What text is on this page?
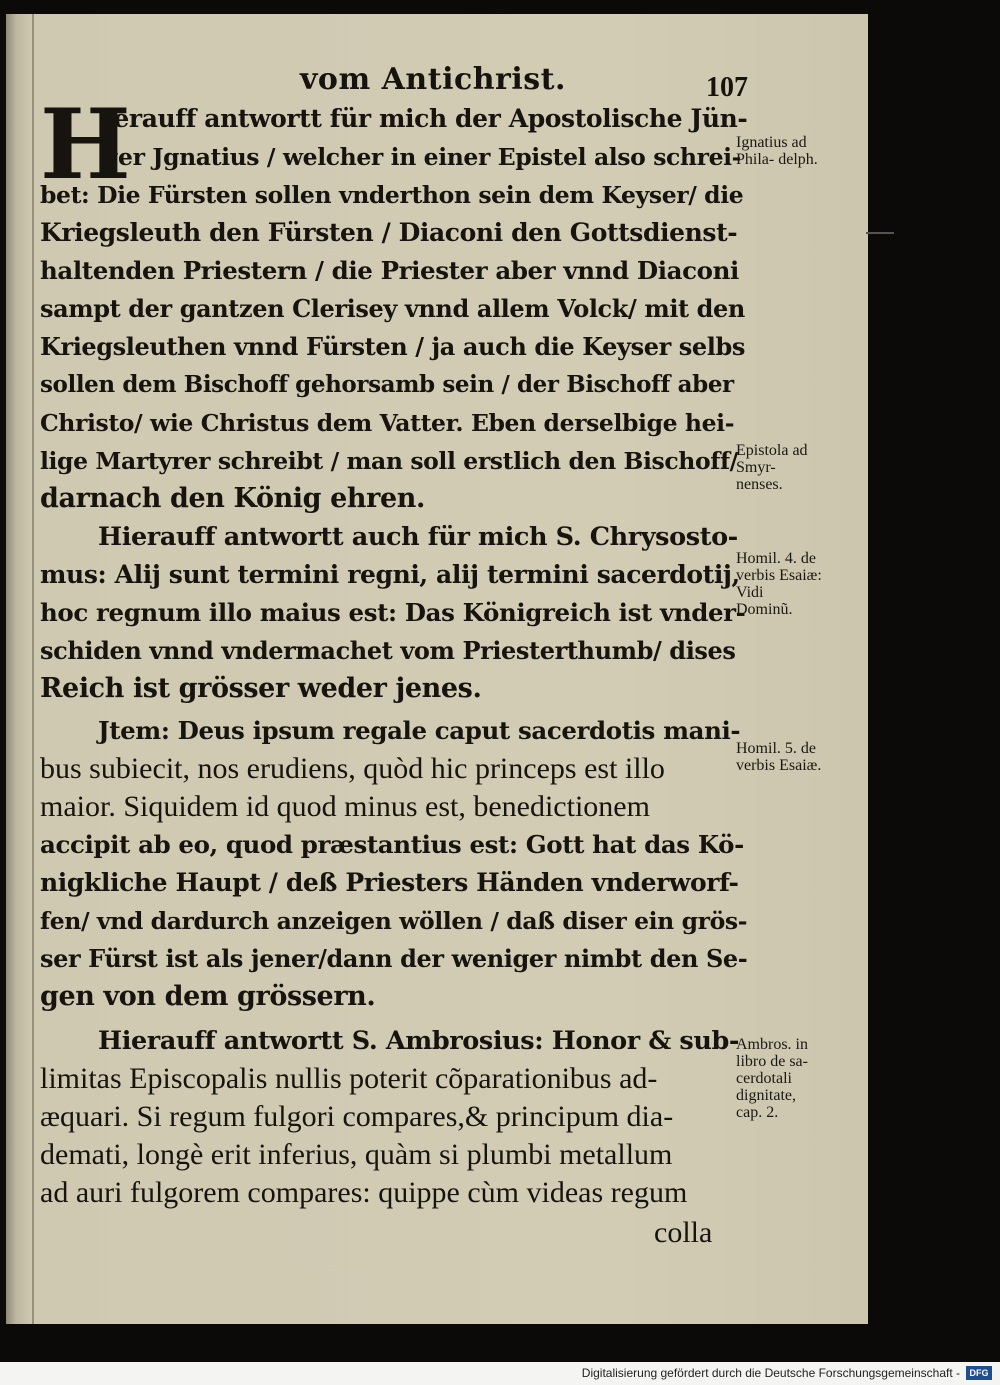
vom Antichrist.	107
H
Jerauff antwortt für mich der Apostolische Jün-
ger Jgnatius / welcher in einer Epistel also schrei-
bet: Die Fürsten sollen vnderthon sein dem Keyser/ die
Kriegsleuth den Fürsten / Diaconi den Gottsdienst-
haltenden Priestern / die Priester aber vnnd Diaconi
sampt der gantzen Clerisey vnnd allem Volck/ mit den
Kriegsleuthen vnnd Fürsten / ja auch die Keyser selbs
sollen dem Bischoff gehorsamb sein / der Bischoff aber
Christo/ wie Christus dem Vatter. Eben derselbige hei-
lige Martyrer schreibt / man soll erstlich den Bischoff/
darnach den König ehren.
Hierauff antwortt auch für mich S. Chrysosto-
mus: Alij sunt termini regni, alij termini sacerdotij,
hoc regnum illo maius est: Das Königreich ist vnder-
schiden vnnd vndermachet vom Priesterthumb/ dises
Reich ist grösser weder jenes.
Jtem: Deus ipsum regale caput sacerdotis mani-
bus subiecit, nos erudiens, quòd hic princeps est illo
maior. Siquidem id quod minus est, benedictionem
accipit ab eo, quod præstantius est: Gott hat das Kö-
nigkliche Haupt / deß Priesters Händen vnderworf-
fen/ vnd dardurch anzeigen wöllen / daß diser ein grös-
ser Fürst ist als jener/dann der weniger nimbt den Se-
gen von dem grössern.
Hierauff antwortt S. Ambrosius: Honor & sub-
limitas Episcopalis nullis poterit cõparationibus ad-
æquari. Si regum fulgori compares,& principum dia-
demati, longè erit inferius, quàm si plumbi metallum
ad auri fulgorem compares: quippe cùm videas regum
colla
Ignatius ad Phila- delph.
Epistola ad Smyr- nenses.
Homil. 4. de verbis Esaiæ: Vidi Dominũ.
Homil. 5. de verbis Esaiæ.
Ambros. in libro de sa- cerdotali dignitate, cap. 2.
Digitalisierung gefördert durch die Deutsche Forschungsgemeinschaft -	DFG
